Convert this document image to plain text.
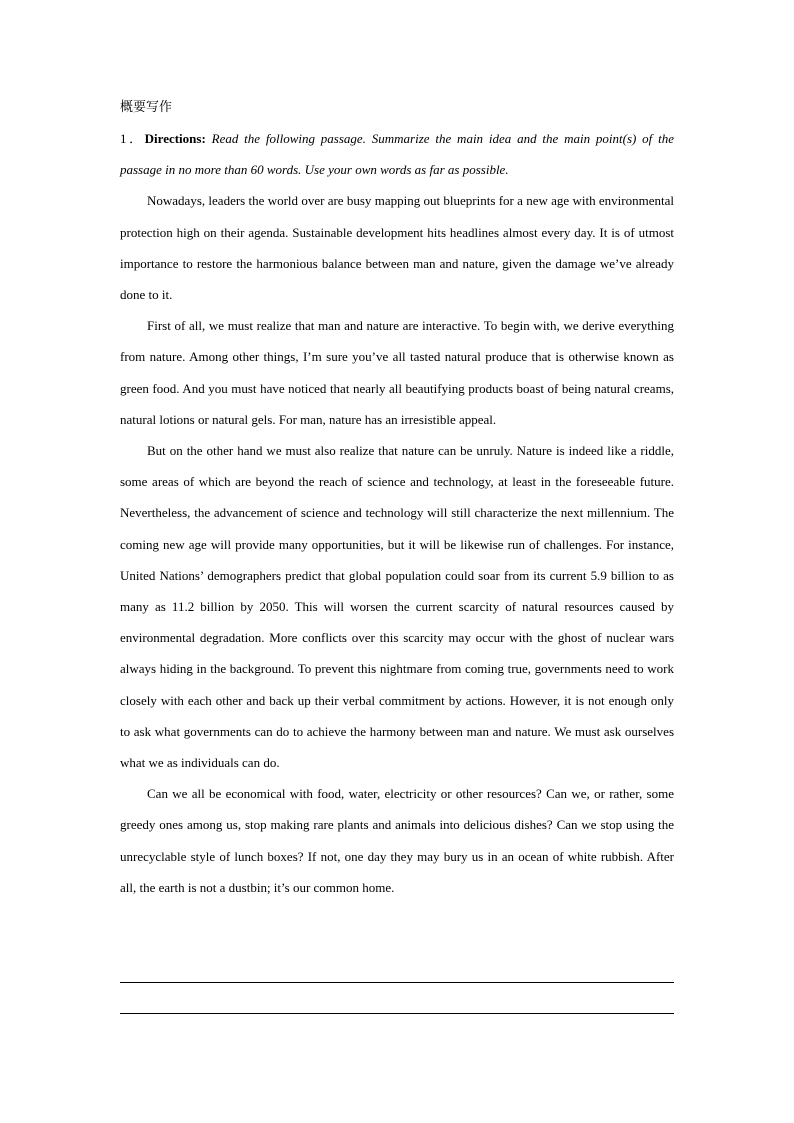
概要写作

1．Directions: Read the following passage. Summarize the main idea and the main point(s) of the passage in no more than 60 words. Use your own words as far as possible.

Nowadays, leaders the world over are busy mapping out blueprints for a new age with environmental protection high on their agenda. Sustainable development hits headlines almost every day. It is of utmost importance to restore the harmonious balance between man and nature, given the damage we’ve already done to it.

First of all, we must realize that man and nature are interactive. To begin with, we derive everything from nature. Among other things, I’m sure you’ve all tasted natural produce that is otherwise known as green food. And you must have noticed that nearly all beautifying products boast of being natural creams, natural lotions or natural gels. For man, nature has an irresistible appeal.

But on the other hand we must also realize that nature can be unruly. Nature is indeed like a riddle, some areas of which are beyond the reach of science and technology, at least in the foreseeable future. Nevertheless, the advancement of science and technology will still characterize the next millennium. The coming new age will provide many opportunities, but it will be likewise run of challenges. For instance, United Nations’ demographers predict that global population could soar from its current 5.9 billion to as many as 11.2 billion by 2050. This will worsen the current scarcity of natural resources caused by environmental degradation. More conflicts over this scarcity may occur with the ghost of nuclear wars always hiding in the background. To prevent this nightmare from coming true, governments need to work closely with each other and back up their verbal commitment by actions. However, it is not enough only to ask what governments can do to achieve the harmony between man and nature. We must ask ourselves what we as individuals can do.

Can we all be economical with food, water, electricity or other resources? Can we, or rather, some greedy ones among us, stop making rare plants and animals into delicious dishes? Can we stop using the unrecyclable style of lunch boxes? If not, one day they may bury us in an ocean of white rubbish. After all, the earth is not a dustbin; it’s our common home.
